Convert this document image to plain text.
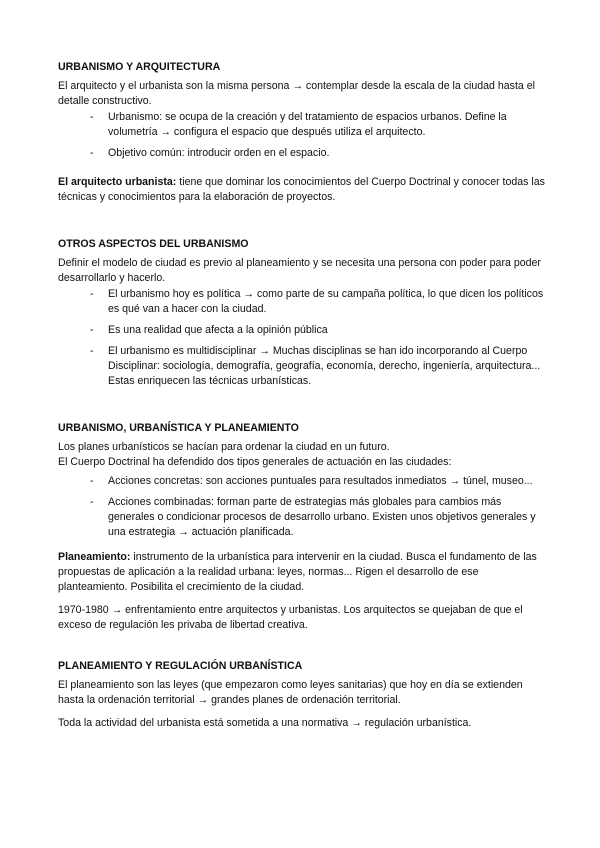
URBANISMO Y ARQUITECTURA

El arquitecto y el urbanista son la misma persona → contemplar desde la escala de la ciudad hasta el detalle constructivo.

- Urbanismo: se ocupa de la creación y del tratamiento de espacios urbanos. Define la volumetría → configura el espacio que después utiliza el arquitecto.
- Objetivo común: introducir orden en el espacio.

El arquitecto urbanista: tiene que dominar los conocimientos del Cuerpo Doctrinal y conocer todas las técnicas y conocimientos para la elaboración de proyectos.

OTROS ASPECTOS DEL URBANISMO

Definir el modelo de ciudad es previo al planeamiento y se necesita una persona con poder para poder desarrollarlo y hacerlo.

- El urbanismo hoy es política → como parte de su campaña política, lo que dicen los políticos es qué van a hacer con la ciudad.
- Es una realidad que afecta a la opinión pública
- El urbanismo es multidisciplinar → Muchas disciplinas se han ido incorporando al Cuerpo Disciplinar: sociología, demografía, geografía, economía, derecho, ingeniería, arquitectura... Estas enriquecen las técnicas urbanísticas.
URBANISMO, URBANÍSTICA Y PLANEAMIENTO

Los planes urbanísticos se hacían para ordenar la ciudad en un futuro.
El Cuerpo Doctrinal ha defendido dos tipos generales de actuación en las ciudades:

- Acciones concretas: son acciones puntuales para resultados inmediatos → túnel, museo...
- Acciones combinadas: forman parte de estrategias más globales para cambios más generales o condicionar procesos de desarrollo urbano. Existen unos objetivos generales y una estrategia → actuación planificada.

Planeamiento: instrumento de la urbanística para intervenir en la ciudad. Busca el fundamento de las propuestas de aplicación a la realidad urbana: leyes, normas... Rigen el desarrollo de ese planteamiento. Posibilita el crecimiento de la ciudad.

1970-1980 → enfrentamiento entre arquitectos y urbanistas. Los arquitectos se quejaban de que el exceso de regulación les privaba de libertad creativa.

PLANEAMIENTO Y REGULACIÓN URBANÍSTICA

El planeamiento son las leyes (que empezaron como leyes sanitarias) que hoy en día se extienden hasta la ordenación territorial → grandes planes de ordenación territorial.

Toda la actividad del urbanista está sometida a una normativa → regulación urbanística.
